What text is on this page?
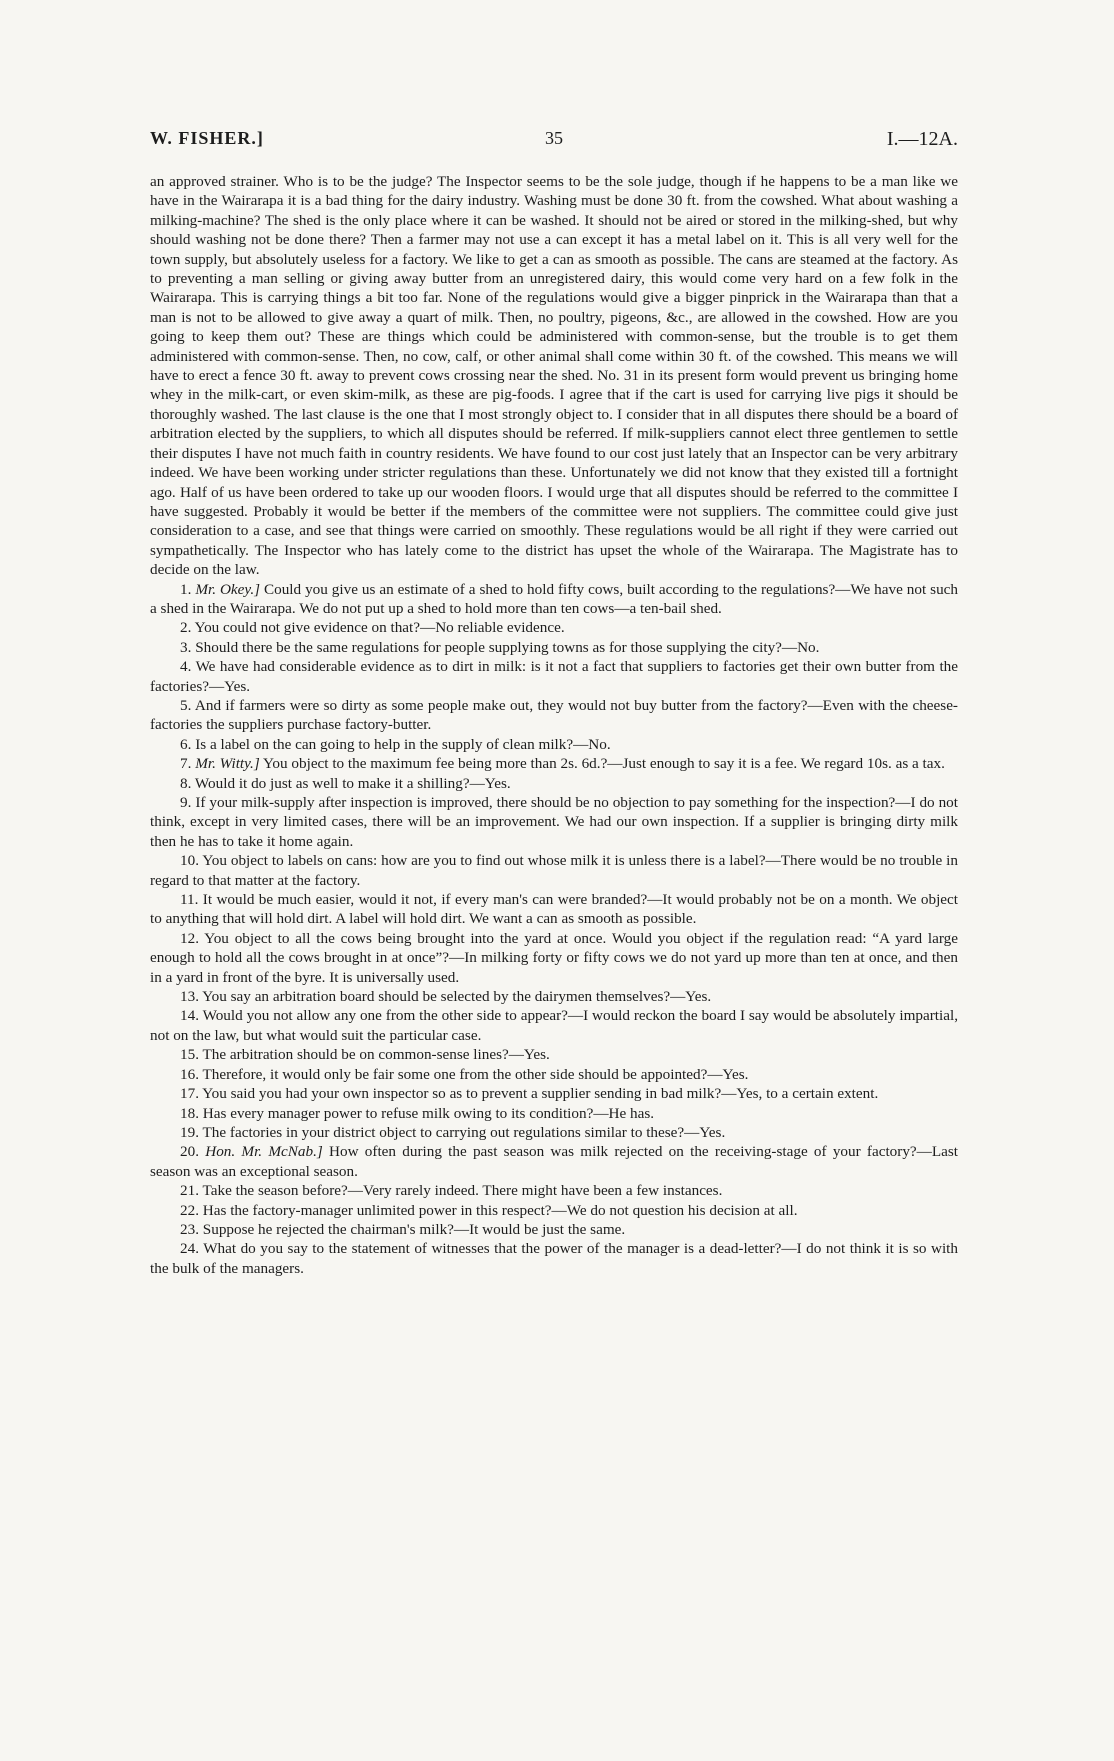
35
W. FISHER.]	I.—12A.

an approved strainer. Who is to be the judge? The Inspector seems to be the sole judge, though if he happens to be a man like we have in the Wairarapa it is a bad thing for the dairy industry. Washing must be done 30 ft. from the cowshed. What about washing a milking-machine? The shed is the only place where it can be washed. It should not be aired or stored in the milking-shed, but why should washing not be done there? Then a farmer may not use a can except it has a metal label on it. This is all very well for the town supply, but absolutely useless for a factory. We like to get a can as smooth as possible. The cans are steamed at the factory. As to preventing a man selling or giving away butter from an unregistered dairy, this would come very hard on a few folk in the Wairarapa. This is carrying things a bit too far. None of the regulations would give a bigger pinprick in the Wairarapa than that a man is not to be allowed to give away a quart of milk. Then, no poultry, pigeons, &c., are allowed in the cowshed. How are you going to keep them out? These are things which could be administered with common-sense, but the trouble is to get them administered with common-sense. Then, no cow, calf, or other animal shall come within 30 ft. of the cowshed. This means we will have to erect a fence 30 ft. away to prevent cows crossing near the shed. No. 31 in its present form would prevent us bringing home whey in the milk-cart, or even skim-milk, as these are pig-foods. I agree that if the cart is used for carrying live pigs it should be thoroughly washed. The last clause is the one that I most strongly object to. I consider that in all disputes there should be a board of arbitration elected by the suppliers, to which all disputes should be referred. If milk-suppliers cannot elect three gentlemen to settle their disputes I have not much faith in country residents. We have found to our cost just lately that an Inspector can be very arbitrary indeed. We have been working under stricter regulations than these. Unfortunately we did not know that they existed till a fortnight ago. Half of us have been ordered to take up our wooden floors. I would urge that all disputes should be referred to the committee I have suggested. Probably it would be better if the members of the committee were not suppliers. The committee could give just consideration to a case, and see that things were carried on smoothly. These regulations would be all right if they were carried out sympathetically. The Inspector who has lately come to the district has upset the whole of the Wairarapa. The Magistrate has to decide on the law.

1. Mr. Okey.] Could you give us an estimate of a shed to hold fifty cows, built according to the regulations?—We have not such a shed in the Wairarapa. We do not put up a shed to hold more than ten cows—a ten-bail shed.

2. You could not give evidence on that?—No reliable evidence.

3. Should there be the same regulations for people supplying towns as for those supplying the city?—No.

4. We have had considerable evidence as to dirt in milk: is it not a fact that suppliers to factories get their own butter from the factories?—Yes.

5. And if farmers were so dirty as some people make out, they would not buy butter from the factory?—Even with the cheese-factories the suppliers purchase factory-butter.

6. Is a label on the can going to help in the supply of clean milk?—No.

7. Mr. Witty.] You object to the maximum fee being more than 2s. 6d.?—Just enough to say it is a fee. We regard 10s. as a tax.

8. Would it do just as well to make it a shilling?—Yes.

9. If your milk-supply after inspection is improved, there should be no objection to pay something for the inspection?—I do not think, except in very limited cases, there will be an improvement. We had our own inspection. If a supplier is bringing dirty milk then he has to take it home again.

10. You object to labels on cans: how are you to find out whose milk it is unless there is a label?—There would be no trouble in regard to that matter at the factory.

11. It would be much easier, would it not, if every man's can were branded?—It would probably not be on a month. We object to anything that will hold dirt. A label will hold dirt. We want a can as smooth as possible.

12. You object to all the cows being brought into the yard at once. Would you object if the regulation read: “A yard large enough to hold all the cows brought in at once”?—In milking forty or fifty cows we do not yard up more than ten at once, and then in a yard in front of the byre. It is universally used.

13. You say an arbitration board should be selected by the dairymen themselves?—Yes.

14. Would you not allow any one from the other side to appear?—I would reckon the board I say would be absolutely impartial, not on the law, but what would suit the particular case.

15. The arbitration should be on common-sense lines?—Yes.

16. Therefore, it would only be fair some one from the other side should be appointed?—Yes.

17. You said you had your own inspector so as to prevent a supplier sending in bad milk?—Yes, to a certain extent.

18. Has every manager power to refuse milk owing to its condition?—He has.

19. The factories in your district object to carrying out regulations similar to these?—Yes.

20. Hon. Mr. McNab.] How often during the past season was milk rejected on the receiving-stage of your factory?—Last season was an exceptional season.

21. Take the season before?—Very rarely indeed. There might have been a few instances.

22. Has the factory-manager unlimited power in this respect?—We do not question his decision at all.

23. Suppose he rejected the chairman's milk?—It would be just the same.

24. What do you say to the statement of witnesses that the power of the manager is a dead-letter?—I do not think it is so with the bulk of the managers.
